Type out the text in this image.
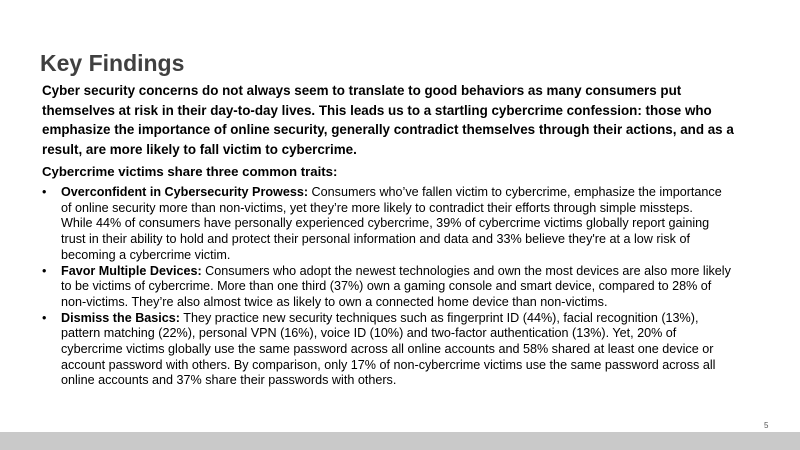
Key Findings
Cyber security concerns do not always seem to translate to good behaviors as many consumers put
themselves at risk in their day-to-day lives. This leads us to a startling cybercrime confession: those who
emphasize the importance of online security, generally contradict themselves through their actions, and as a
result, are more likely to fall victim to cybercrime.
Cybercrime victims share three common traits:
• Overconfident in Cybersecurity Prowess: Consumers who’ve fallen victim to cybercrime, emphasize the importance
of online security more than non-victims, yet they’re more likely to contradict their efforts through simple missteps.
While 44% of consumers have personally experienced cybercrime, 39% of cybercrime victims globally report gaining
trust in their ability to hold and protect their personal information and data and 33% believe they're at a low risk of
becoming a cybercrime victim.
• Favor Multiple Devices: Consumers who adopt the newest technologies and own the most devices are also more likely
to be victims of cybercrime. More than one third (37%) own a gaming console and smart device, compared to 28% of
non-victims. They’re also almost twice as likely to own a connected home device than non-victims.
• Dismiss the Basics: They practice new security techniques such as fingerprint ID (44%), facial recognition (13%),
pattern matching (22%), personal VPN (16%), voice ID (10%) and two-factor authentication (13%). Yet, 20% of
cybercrime victims globally use the same password across all online accounts and 58% shared at least one device or
account password with others. By comparison, only 17% of non-cybercrime victims use the same password across all
online accounts and 37% share their passwords with others.
5
